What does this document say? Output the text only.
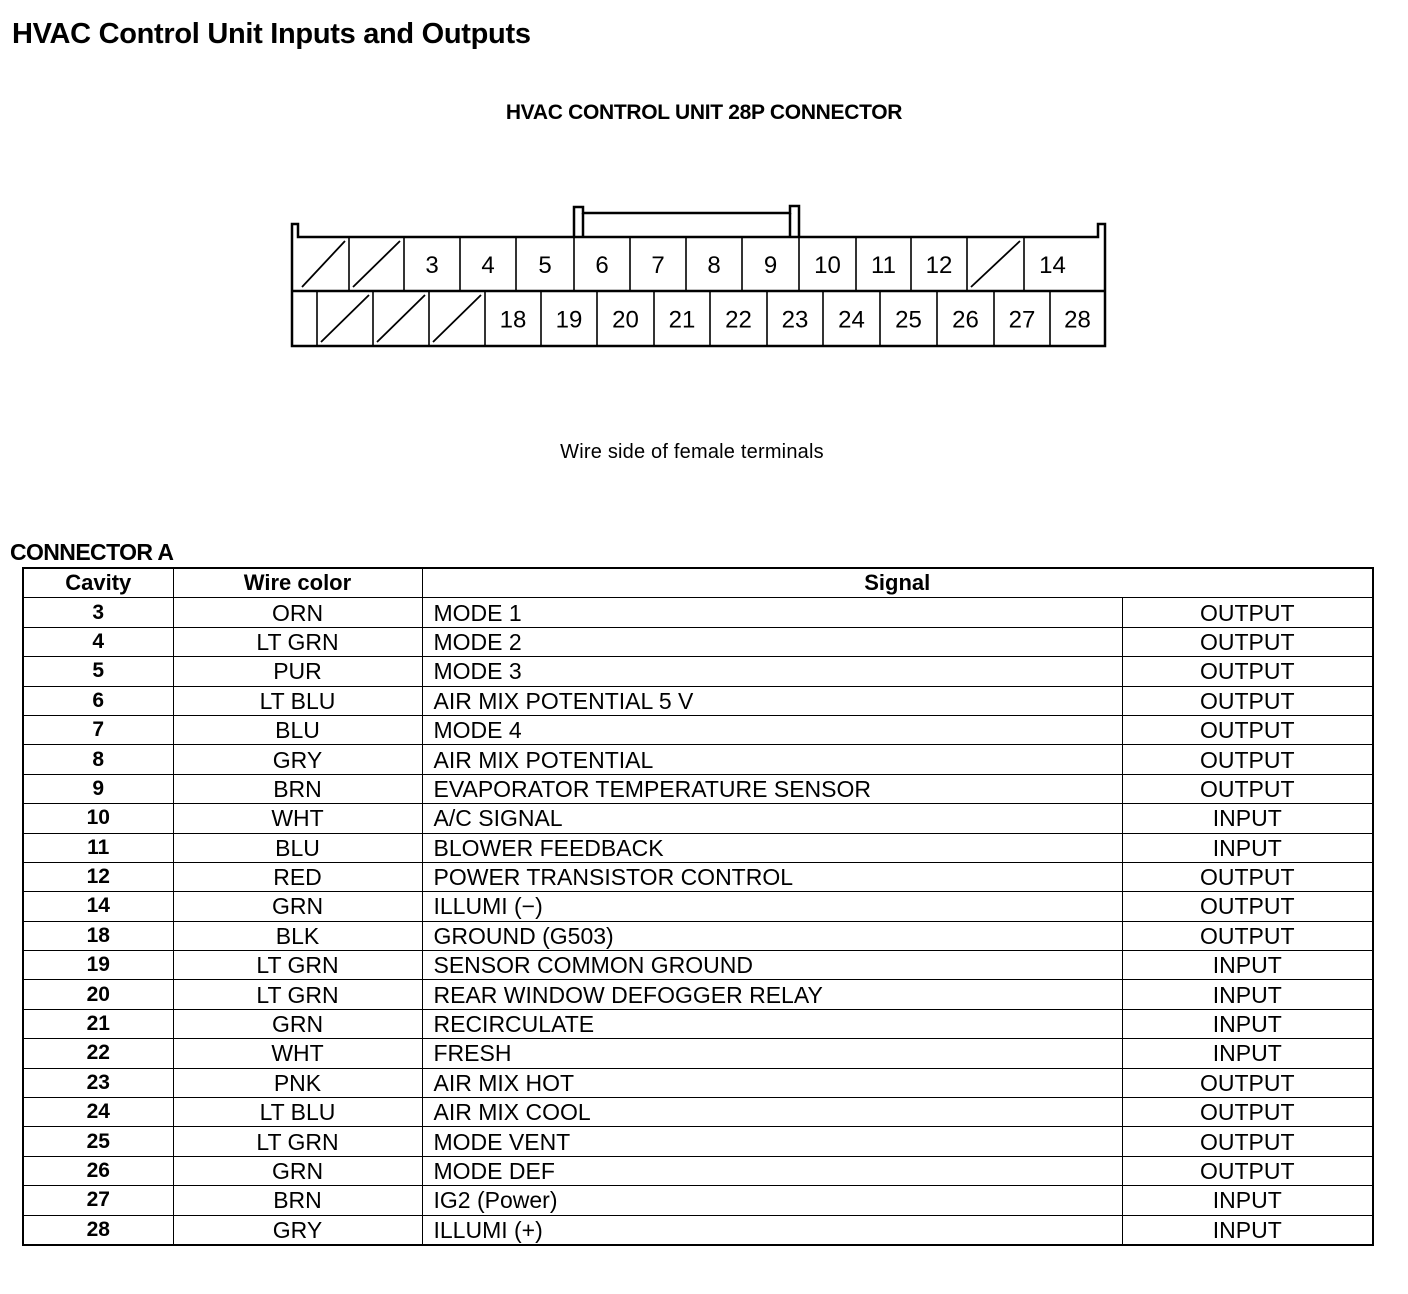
HVAC Control Unit Inputs and Outputs
HVAC CONTROL UNIT 28P CONNECTOR
3 4 5 6 7 8 9 10 11 12	14
18 19 20 21 22 23 24 25 26 27 28
Wire side of female terminals
CONNECTOR A
Cavity	Wire color	Signal	
3	ORN	MODE 1	OUTPUT
4	LT GRN	MODE 2	OUTPUT
5	PUR	MODE 3	OUTPUT
6	LT BLU	AIR MIX POTENTIAL 5 V	OUTPUT
7	BLU	MODE 4	OUTPUT
8	GRY	AIR MIX POTENTIAL	OUTPUT
9	BRN	EVAPORATOR TEMPERATURE SENSOR	OUTPUT
10	WHT	A/C SIGNAL	INPUT
11	BLU	BLOWER FEEDBACK	INPUT
12	RED	POWER TRANSISTOR CONTROL	OUTPUT
14	GRN	ILLUMI (−)	OUTPUT
18	BLK	GROUND (G503)	OUTPUT
19	LT GRN	SENSOR COMMON GROUND	INPUT
20	LT GRN	REAR WINDOW DEFOGGER RELAY	INPUT
21	GRN	RECIRCULATE	INPUT
22	WHT	FRESH	INPUT
23	PNK	AIR MIX HOT	OUTPUT
24	LT BLU	AIR MIX COOL	OUTPUT
25	LT GRN	MODE VENT	OUTPUT
26	GRN	MODE DEF	OUTPUT
27	BRN	IG2 (Power)	INPUT
28	GRY	ILLUMI (+)	INPUT
